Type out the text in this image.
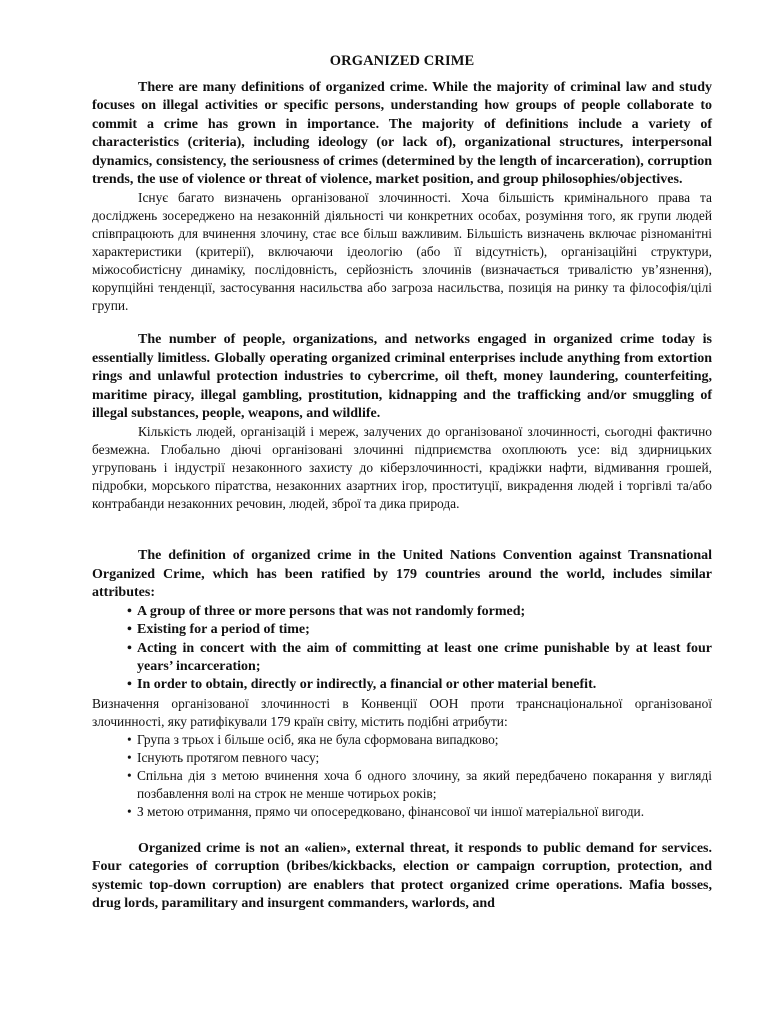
ORGANIZED CRIME

There are many definitions of organized crime. While the majority of criminal law and study focuses on illegal activities or specific persons, understanding how groups of people collaborate to commit a crime has grown in importance. The majority of definitions include a variety of characteristics (criteria), including ideology (or lack of), organizational structures, interpersonal dynamics, consistency, the seriousness of crimes (determined by the length of incarceration), corruption trends, the use of violence or threat of violence, market position, and group philosophies/objectives.

Існує багато визначень організованої злочинності. Хоча більшість кримінального права та досліджень зосереджено на незаконній діяльності чи конкретних особах, розуміння того, як групи людей співпрацюють для вчинення злочину, стає все більш важливим. Більшість визначень включає різноманітні характеристики (критерії), включаючи ідеологію (або її відсутність), організаційні структури, міжособистісну динаміку, послідовність, серйозність злочинів (визначається тривалістю ув’язнення), корупційні тенденції, застосування насильства або загроза насильства, позиція на ринку та філософія/цілі групи.

The number of people, organizations, and networks engaged in organized crime today is essentially limitless. Globally operating organized criminal enterprises include anything from extortion rings and unlawful protection industries to cybercrime, oil theft, money laundering, counterfeiting, maritime piracy, illegal gambling, prostitution, kidnapping and the trafficking and/or smuggling of illegal substances, people, weapons, and wildlife.

Кількість людей, організацій і мереж, залучених до організованої злочинності, сьогодні фактично безмежна. Глобально діючі організовані злочинні підприємства охоплюють усе: від здирницьких угруповань і індустрії незаконного захисту до кіберзлочинності, крадіжки нафти, відмивання грошей, підробки, морського піратства, незаконних азартних ігор, проституції, викрадення людей і торгівлі та/або контрабанди незаконних речовин, людей, зброї та дика природа.

The definition of organized crime in the United Nations Convention against Transnational Organized Crime, which has been ratified by 179 countries around the world, includes similar attributes:

• A group of three or more persons that was not randomly formed;
• Existing for a period of time;
• Acting in concert with the aim of committing at least one crime punishable by at least four years’ incarceration;
• In order to obtain, directly or indirectly, a financial or other material benefit.

Визначення організованої злочинності в Конвенції ООН проти транснаціональної організованої злочинності, яку ратифікували 179 країн світу, містить подібні атрибути:

• Група з трьох і більше осіб, яка не була сформована випадково;
• Існують протягом певного часу;
• Спільна дія з метою вчинення хоча б одного злочину, за який передбачено покарання у вигляді позбавлення волі на строк не менше чотирьох років;
• З метою отримання, прямо чи опосередковано, фінансової чи іншої матеріальної вигоди.

Organized crime is not an «alien», external threat, it responds to public demand for services. Four categories of corruption (bribes/kickbacks, election or campaign corruption, protection, and systemic top-down corruption) are enablers that protect organized crime operations. Mafia bosses, drug lords, paramilitary and insurgent commanders, warlords, and
